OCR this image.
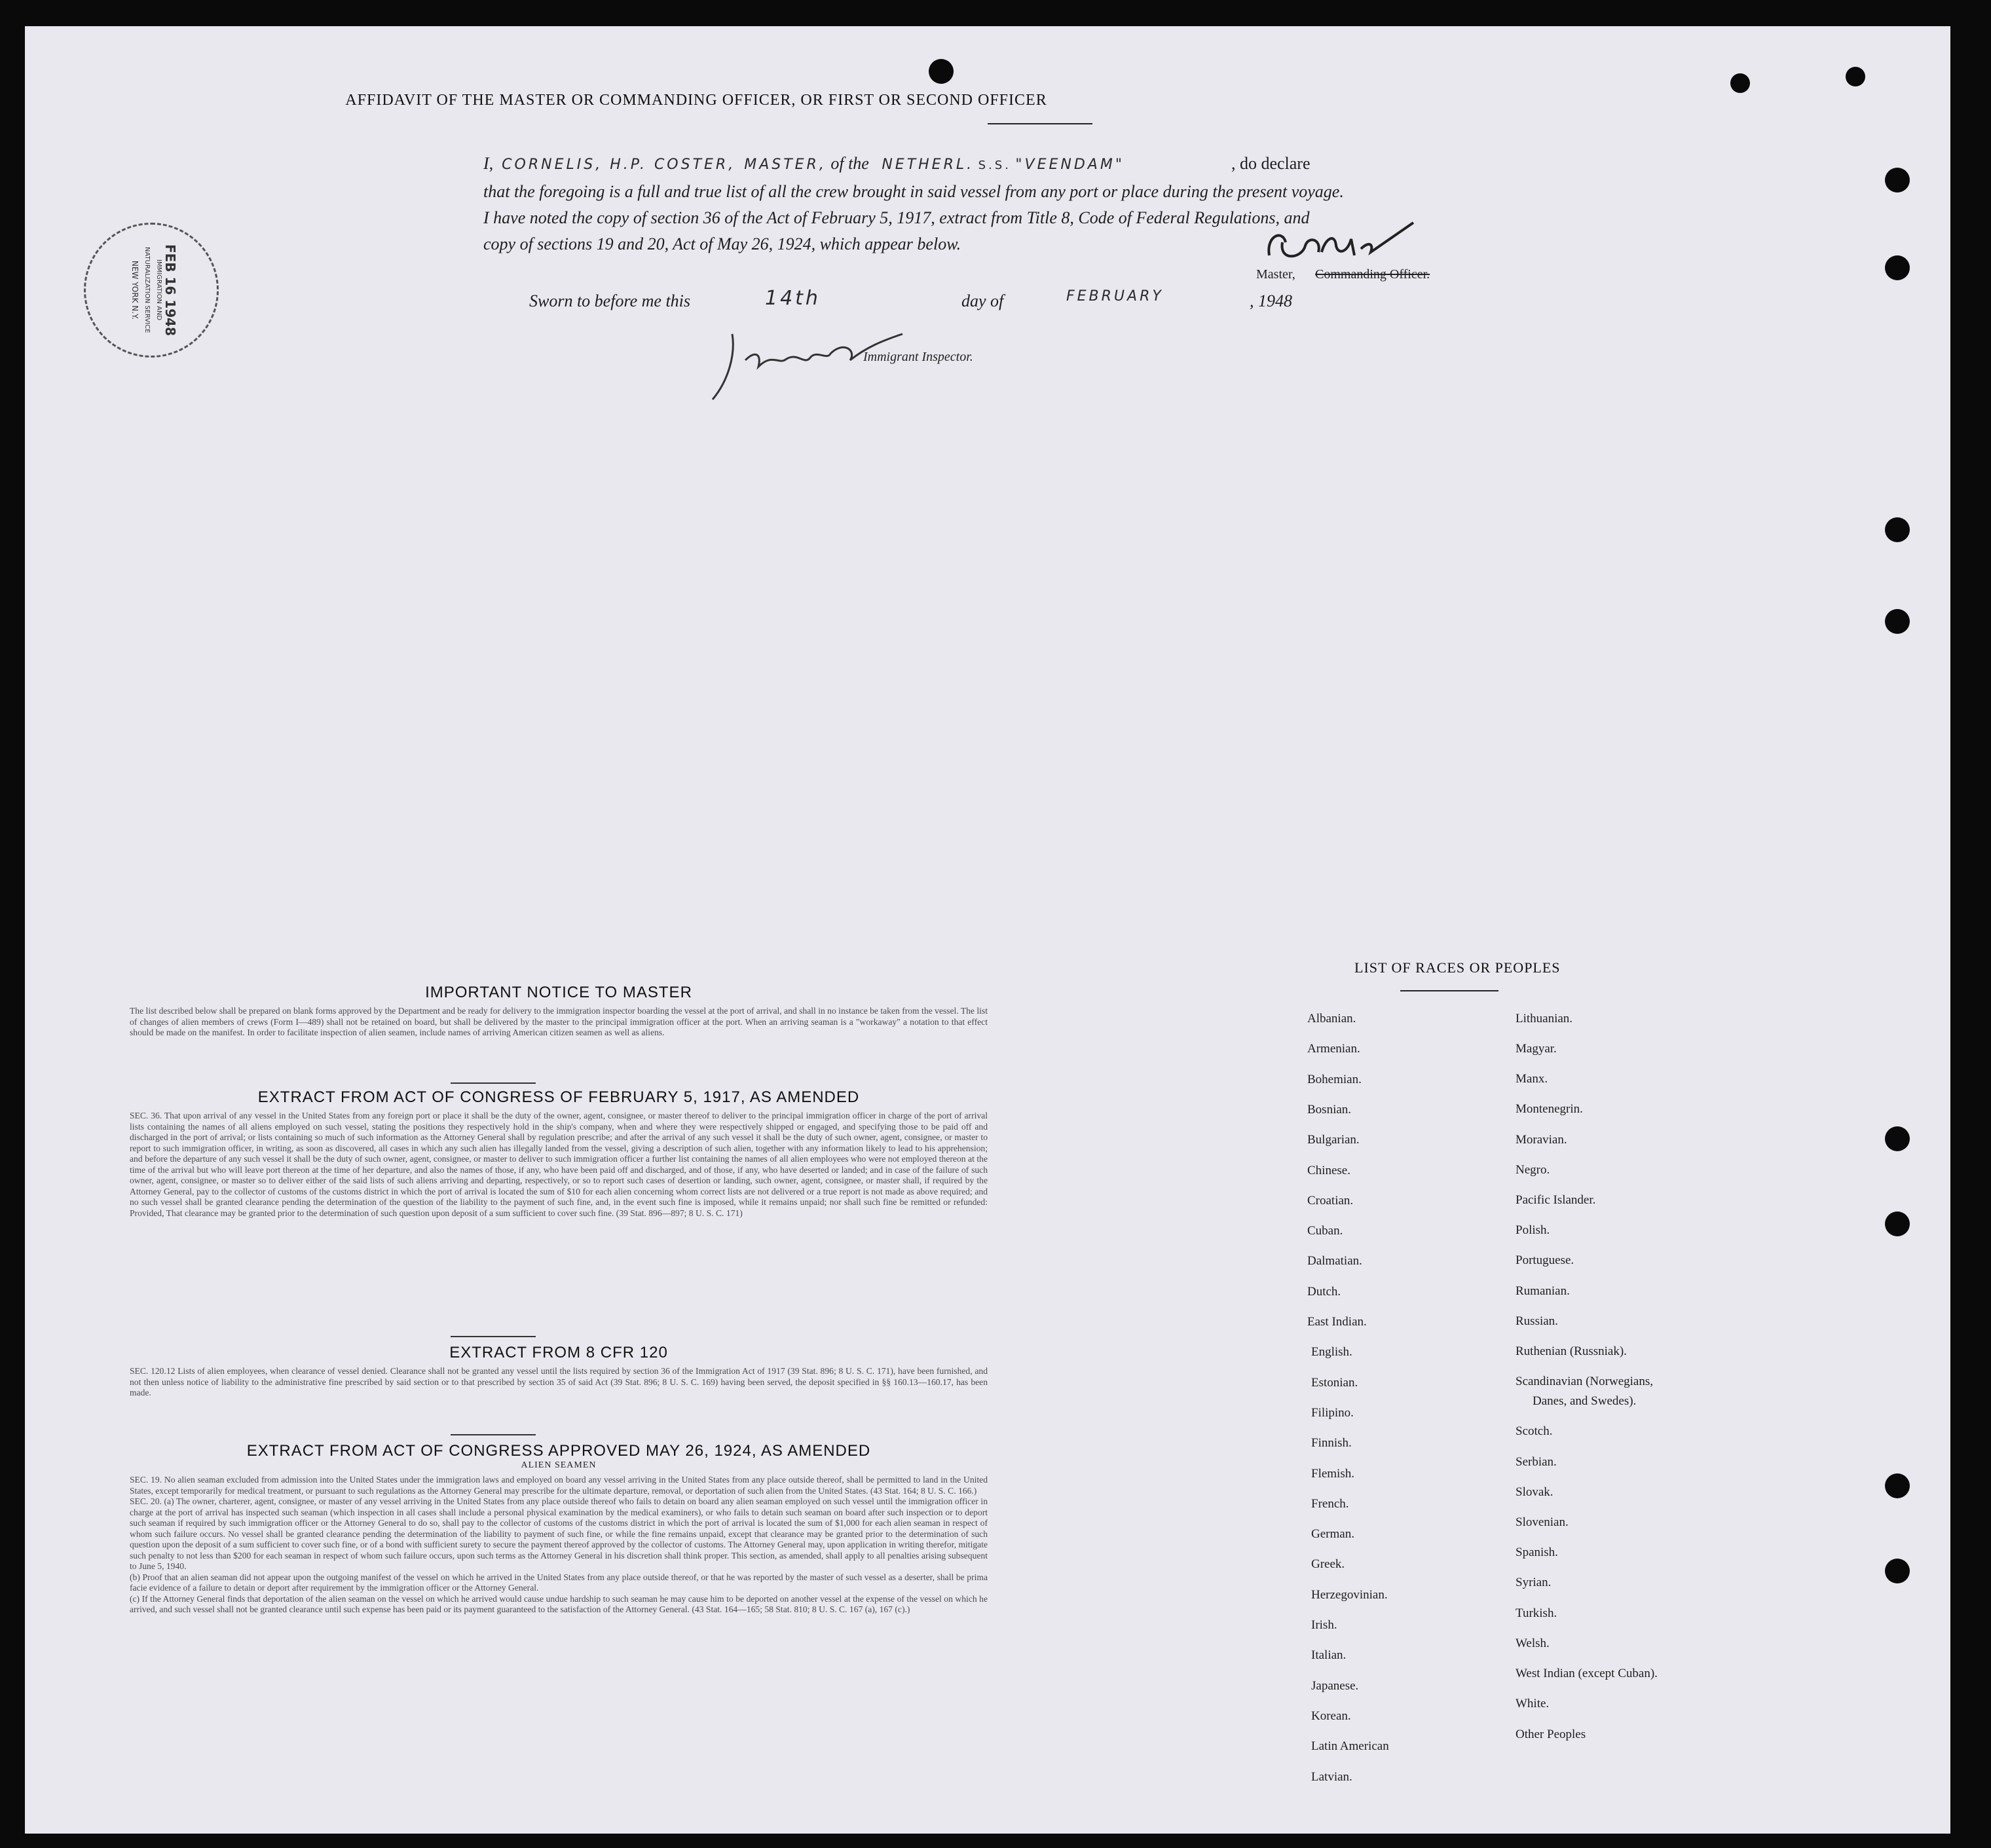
AFFIDAVIT OF THE MASTER OR COMMANDING OFFICER, OR FIRST OR SECOND OFFICER
I, CORNELIS, H.P. COSTER, MASTER, of the NETHERL. S.S. "VEENDAM"	, do declare
that the foregoing is a full and true list of all the crew brought in said vessel from any port or place during the present voyage.
I have noted the copy of section 36 of the Act of February 5, 1917, extract from Title 8, Code of Federal Regulations, and
copy of sections 19 and 20, Act of May 26, 1924, which appear below.
Master, Commanding Officer.
Sworn to before me this	14th	day of	FEBRUARY	, 1948
Immigrant Inspector.
FEB 16 1948
IMMIGRATION AND NATURALIZATION SERVICE
NEW YORK N.Y.
IMPORTANT NOTICE TO MASTER

The list described below shall be prepared on blank forms approved by the Department and be ready for delivery to the immigration inspector boarding the vessel at the port of arrival, and shall in no instance be taken from the vessel. The list of changes of alien members of crews (Form I—489) shall not be retained on board, but shall be delivered by the master to the principal immigration officer at the port. When an arriving seaman is a "workaway" a notation to that effect should be made on the manifest. In order to facilitate inspection of alien seamen, include names of arriving American citizen seamen as well as aliens.

EXTRACT FROM ACT OF CONGRESS OF FEBRUARY 5, 1917, AS AMENDED

SEC. 36. That upon arrival of any vessel in the United States from any foreign port or place it shall be the duty of the owner, agent, consignee, or master thereof to deliver to the principal immigration officer in charge of the port of arrival lists containing the names of all aliens employed on such vessel, stating the positions they respectively hold in the ship's company, when and where they were respectively shipped or engaged, and specifying those to be paid off and discharged in the port of arrival; or lists containing so much of such information as the Attorney General shall by regulation prescribe; and after the arrival of any such vessel it shall be the duty of such owner, agent, consignee, or master to report to such immigration officer, in writing, as soon as discovered, all cases in which any such alien has illegally landed from the vessel, giving a description of such alien, together with any information likely to lead to his apprehension; and before the departure of any such vessel it shall be the duty of such owner, agent, consignee, or master to deliver to such immigration officer a further list containing the names of all alien employees who were not employed thereon at the time of the arrival but who will leave port thereon at the time of her departure, and also the names of those, if any, who have been paid off and discharged, and of those, if any, who have deserted or landed; and in case of the failure of such owner, agent, consignee, or master so to deliver either of the said lists of such aliens arriving and departing, respectively, or so to report such cases of desertion or landing, such owner, agent, consignee, or master shall, if required by the Attorney General, pay to the collector of customs of the customs district in which the port of arrival is located the sum of $10 for each alien concerning whom correct lists are not delivered or a true report is not made as above required; and no such vessel shall be granted clearance pending the determination of the question of the liability to the payment of such fine, and, in the event such fine is imposed, while it remains unpaid; nor shall such fine be remitted or refunded: Provided, That clearance may be granted prior to the determination of such question upon deposit of a sum sufficient to cover such fine. (39 Stat. 896—897; 8 U. S. C. 171)

EXTRACT FROM 8 CFR 120

SEC. 120.12 Lists of alien employees, when clearance of vessel denied. Clearance shall not be granted any vessel until the lists required by section 36 of the Immigration Act of 1917 (39 Stat. 896; 8 U. S. C. 171), have been furnished, and not then unless notice of liability to the administrative fine prescribed by said section or to that prescribed by section 35 of said Act (39 Stat. 896; 8 U. S. C. 169) having been served, the deposit specified in §§ 160.13—160.17, has been made.

EXTRACT FROM ACT OF CONGRESS APPROVED MAY 26, 1924, AS AMENDED
ALIEN SEAMEN

SEC. 19. No alien seaman excluded from admission into the United States under the immigration laws and employed on board any vessel arriving in the United States from any place outside thereof, shall be permitted to land in the United States, except temporarily for medical treatment, or pursuant to such regulations as the Attorney General may prescribe for the ultimate departure, removal, or deportation of such alien from the United States. (43 Stat. 164; 8 U. S. C. 166.)

SEC. 20. (a) The owner, charterer, agent, consignee, or master of any vessel arriving in the United States from any place outside thereof who fails to detain on board any alien seaman employed on such vessel until the immigration officer in charge at the port of arrival has inspected such seaman (which inspection in all cases shall include a personal physical examination by the medical examiners), or who fails to detain such seaman on board after such inspection or to deport such seaman if required by such immigration officer or the Attorney General to do so, shall pay to the collector of customs of the customs district in which the port of arrival is located the sum of $1,000 for each alien seaman in respect of whom such failure occurs. No vessel shall be granted clearance pending the determination of the liability to payment of such fine, or while the fine remains unpaid, except that clearance may be granted prior to the determination of such question upon the deposit of a sum sufficient to cover such fine, or of a bond with sufficient surety to secure the payment thereof approved by the collector of customs. The Attorney General may, upon application in writing therefor, mitigate such penalty to not less than $200 for each seaman in respect of whom such failure occurs, upon such terms as the Attorney General in his discretion shall think proper. This section, as amended, shall apply to all penalties arising subsequent to June 5, 1940.

(b) Proof that an alien seaman did not appear upon the outgoing manifest of the vessel on which he arrived in the United States from any place outside thereof, or that he was reported by the master of such vessel as a deserter, shall be prima facie evidence of a failure to detain or deport after requirement by the immigration officer or the Attorney General.

(c) If the Attorney General finds that deportation of the alien seaman on the vessel on which he arrived would cause undue hardship to such seaman he may cause him to be deported on another vessel at the expense of the vessel on which he arrived, and such vessel shall not be granted clearance until such expense has been paid or its payment guaranteed to the satisfaction of the Attorney General. (43 Stat. 164—165; 58 Stat. 810; 8 U. S. C. 167 (a), 167 (c).)

LIST OF RACES OR PEOPLES
Albanian.
Armenian.
Bohemian.
Bosnian.
Bulgarian.
Chinese.
Croatian.
Cuban.
Dalmatian.
Dutch.
East Indian.
English.
Estonian.
Filipino.
Finnish.
Flemish.
French.
German.
Greek.
Herzegovinian.
Irish.
Italian.
Japanese.
Korean.
Latin American
Latvian.
Lithuanian.
Magyar.
Manx.
Montenegrin.
Moravian.
Negro.
Pacific Islander.
Polish.
Portuguese.
Rumanian.
Russian.
Ruthenian (Russniak).
Scandinavian (Norwegians,
Danes, and Swedes).
Scotch.
Serbian.
Slovak.
Slovenian.
Spanish.
Syrian.
Turkish.
Welsh.
West Indian (except Cuban).
White.
Other Peoples
